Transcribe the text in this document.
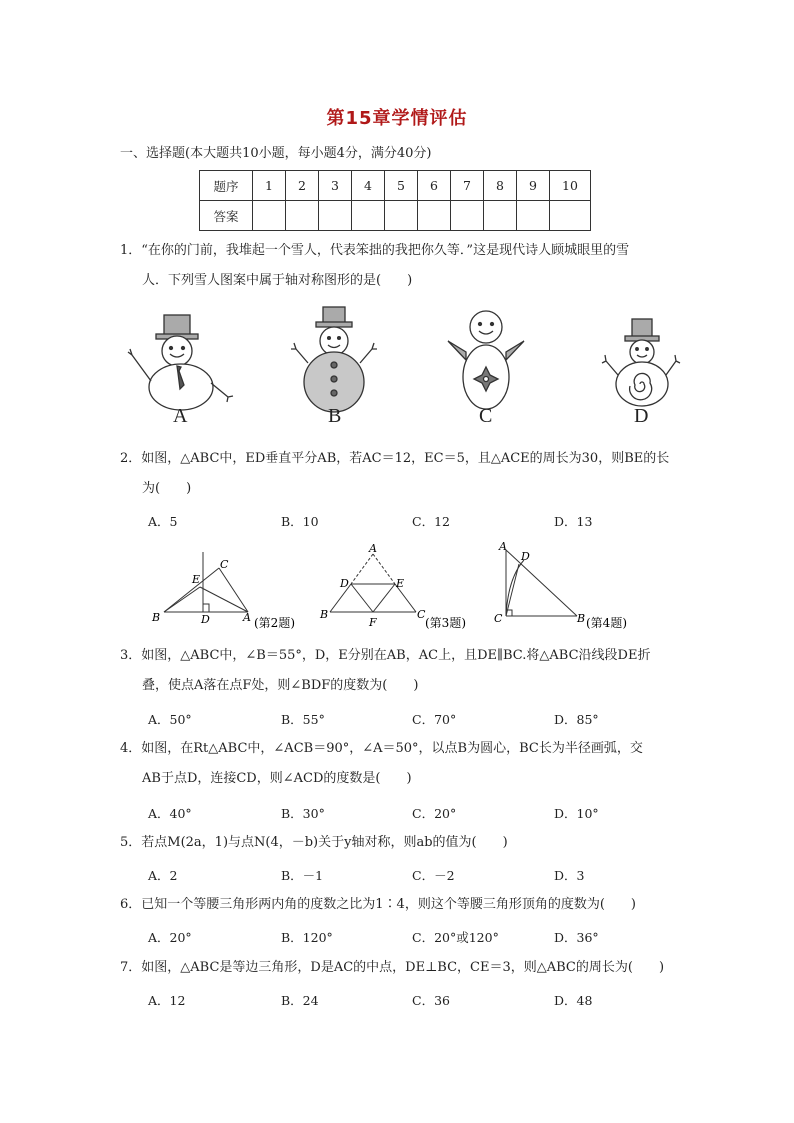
第15章学情评估
一、选择题(本大题共10小题，每小题4分，满分40分)
题序	1	2	3	4	5	6	7	8	9	10
答案										
1．“在你的门前，我堆起一个雪人，代表笨拙的我把你久等．”这是现代诗人顾城眼里的雪
人．下列雪人图案中属于轴对称图形的是(　　)
A	B	C	D
2．如图，△ABC中，ED垂直平分AB，若AC＝12，EC＝5，且△ACE的周长为30，则BE的长
为(　　)
A．5	B．10	C．12	D．13
C
E
B	D	A (第2题)
A
D	E
B
F
C
(第3题)
A
D
C	B (第4题)
3．如图，△ABC中，∠B＝55°，D，E分别在AB，AC上，且DE∥BC.将△ABC沿线段DE折
叠，使点A落在点F处，则∠BDF的度数为(　　)
A．50°	B．55°	C．70°	D．85°
4．如图，在Rt△ABC中，∠ACB＝90°，∠A＝50°，以点B为圆心，BC长为半径画弧，交
AB于点D，连接CD，则∠ACD的度数是(　　)
A．40°	B．30°	C．20°	D．10°
5．若点M(2a，1)与点N(4，－b)关于y轴对称，则ab的值为(　　)
A．2	B．－1	C．－2	D．3
6．已知一个等腰三角形两内角的度数之比为1∶4，则这个等腰三角形顶角的度数为(　　)
A．20°	B．120°	C．20°或120°	D．36°
7．如图，△ABC是等边三角形，D是AC的中点，DE⊥BC，CE＝3，则△ABC的周长为(　　)
A．12	B．24	C．36	D．48
